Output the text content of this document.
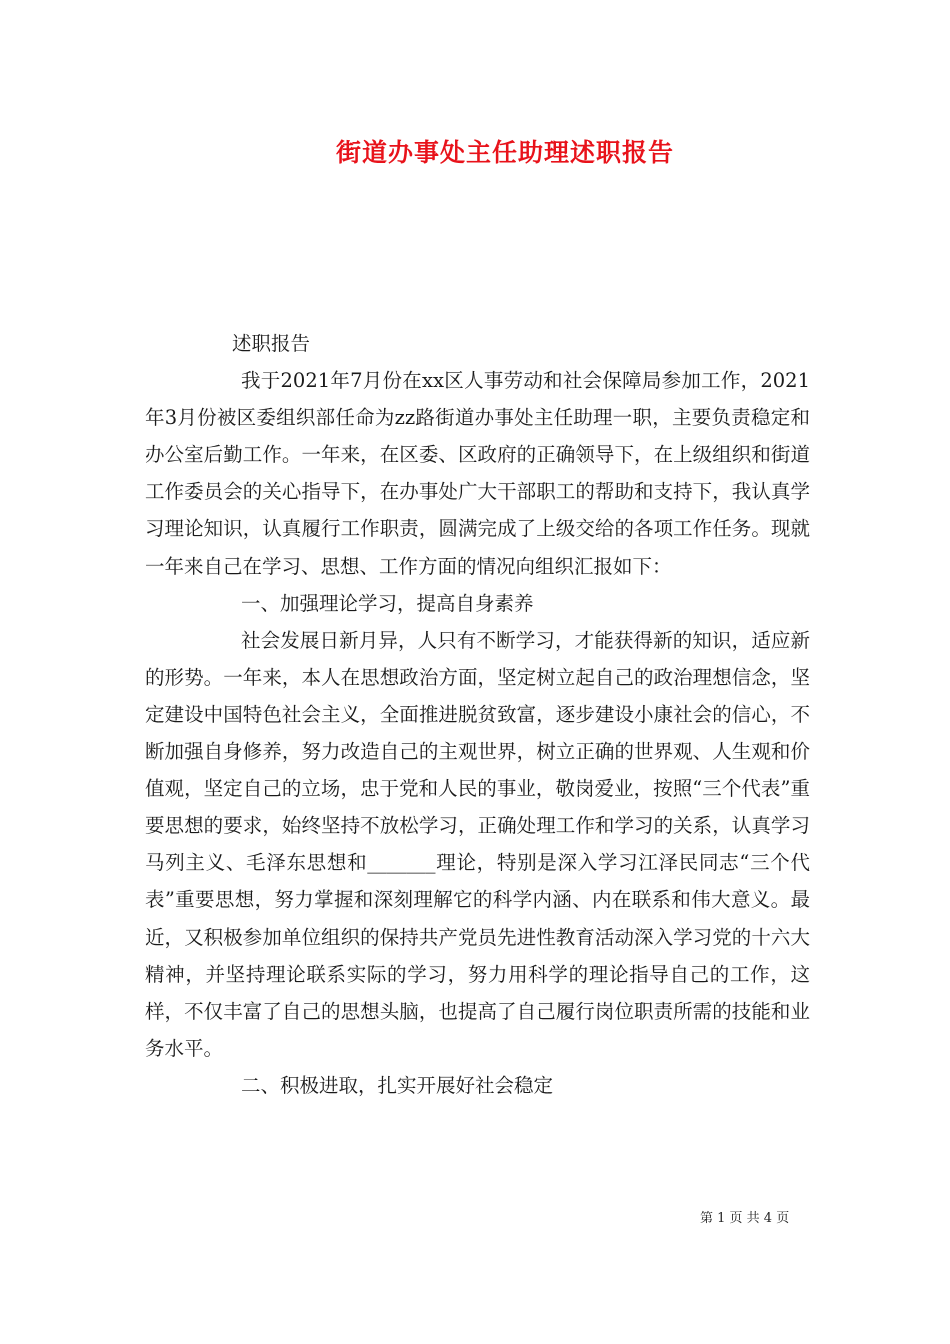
街道办事处主任助理述职报告

述职报告

我于2021年7月份在xx区人事劳动和社会保障局参加工作，2021年3月份被区委组织部任命为zz路街道办事处主任助理一职，主要负责稳定和办公室后勤工作。一年来，在区委、区政府的正确领导下，在上级组织和街道工作委员会的关心指导下，在办事处广大干部职工的帮助和支持下，我认真学习理论知识，认真履行工作职责，圆满完成了上级交给的各项工作任务。现就一年来自己在学习、思想、工作方面的情况向组织汇报如下：

一、加强理论学习，提高自身素养

社会发展日新月异，人只有不断学习，才能获得新的知识，适应新的形势。一年来，本人在思想政治方面，坚定树立起自己的政治理想信念，坚定建设中国特色社会主义，全面推进脱贫致富，逐步建设小康社会的信心，不断加强自身修养，努力改造自己的主观世界，树立正确的世界观、人生观和价值观，坚定自己的立场，忠于党和人民的事业，敬岗爱业，按照“三个代表”重要思想的要求，始终坚持不放松学习，正确处理工作和学习的关系，认真学习马列主义、毛泽东思想和_______理论，特别是深入学习江泽民同志“三个代表”重要思想，努力掌握和深刻理解它的科学内涵、内在联系和伟大意义。最近，又积极参加单位组织的保持共产党员先进性教育活动深入学习党的十六大精神，并坚持理论联系实际的学习，努力用科学的理论指导自己的工作，这样，不仅丰富了自己的思想头脑，也提高了自己履行岗位职责所需的技能和业务水平。

二、积极进取，扎实开展好社会稳定

第 1 页 共 4 页
